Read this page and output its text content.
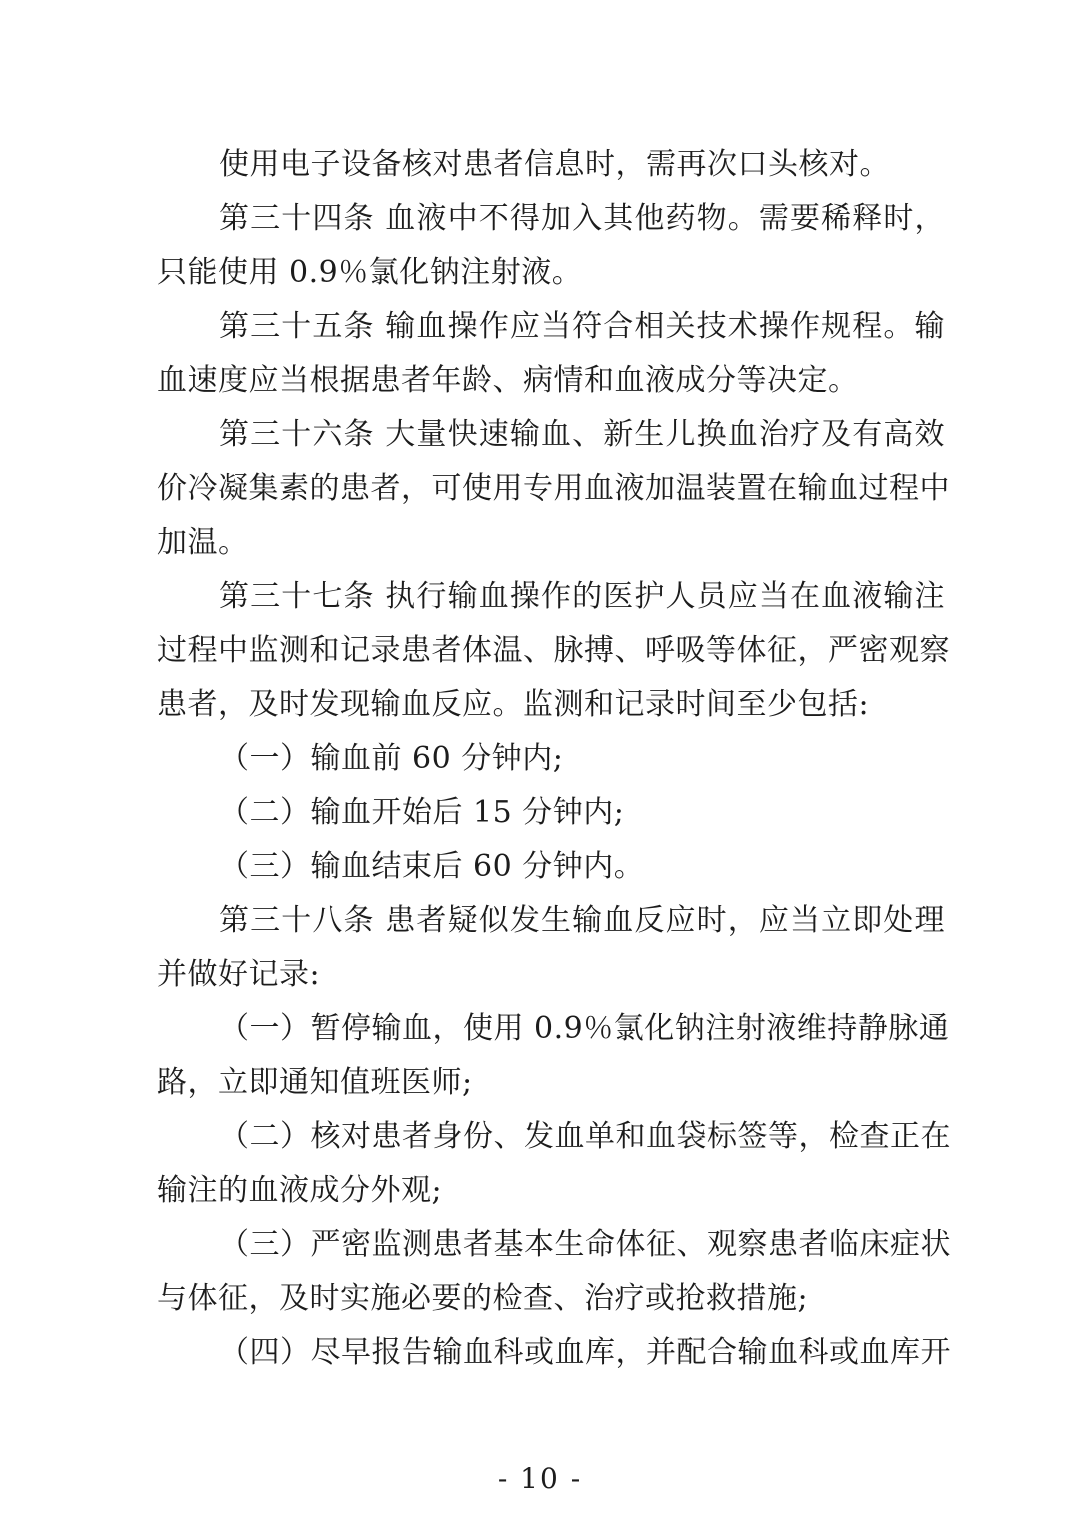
使用电子设备核对患者信息时，需再次口头核对。
第三十四条 血液中不得加入其他药物。需要稀释时，
只能使用 0.9％氯化钠注射液。
第三十五条 输血操作应当符合相关技术操作规程。输
血速度应当根据患者年龄、病情和血液成分等决定。
第三十六条 大量快速输血、新生儿换血治疗及有高效
价冷凝集素的患者，可使用专用血液加温装置在输血过程中
加温。
第三十七条 执行输血操作的医护人员应当在血液输注
过程中监测和记录患者体温、脉搏、呼吸等体征，严密观察
患者，及时发现输血反应。监测和记录时间至少包括:
（一）输血前 60 分钟内;
（二）输血开始后 15 分钟内;
（三）输血结束后 60 分钟内。
第三十八条 患者疑似发生输血反应时，应当立即处理
并做好记录:
（一）暂停输血，使用 0.9％氯化钠注射液维持静脉通
路，立即通知值班医师;
（二）核对患者身份、发血单和血袋标签等，检查正在
输注的血液成分外观;
（三）严密监测患者基本生命体征、观察患者临床症状
与体征，及时实施必要的检查、治疗或抢救措施;
（四）尽早报告输血科或血库，并配合输血科或血库开
- 10 -
